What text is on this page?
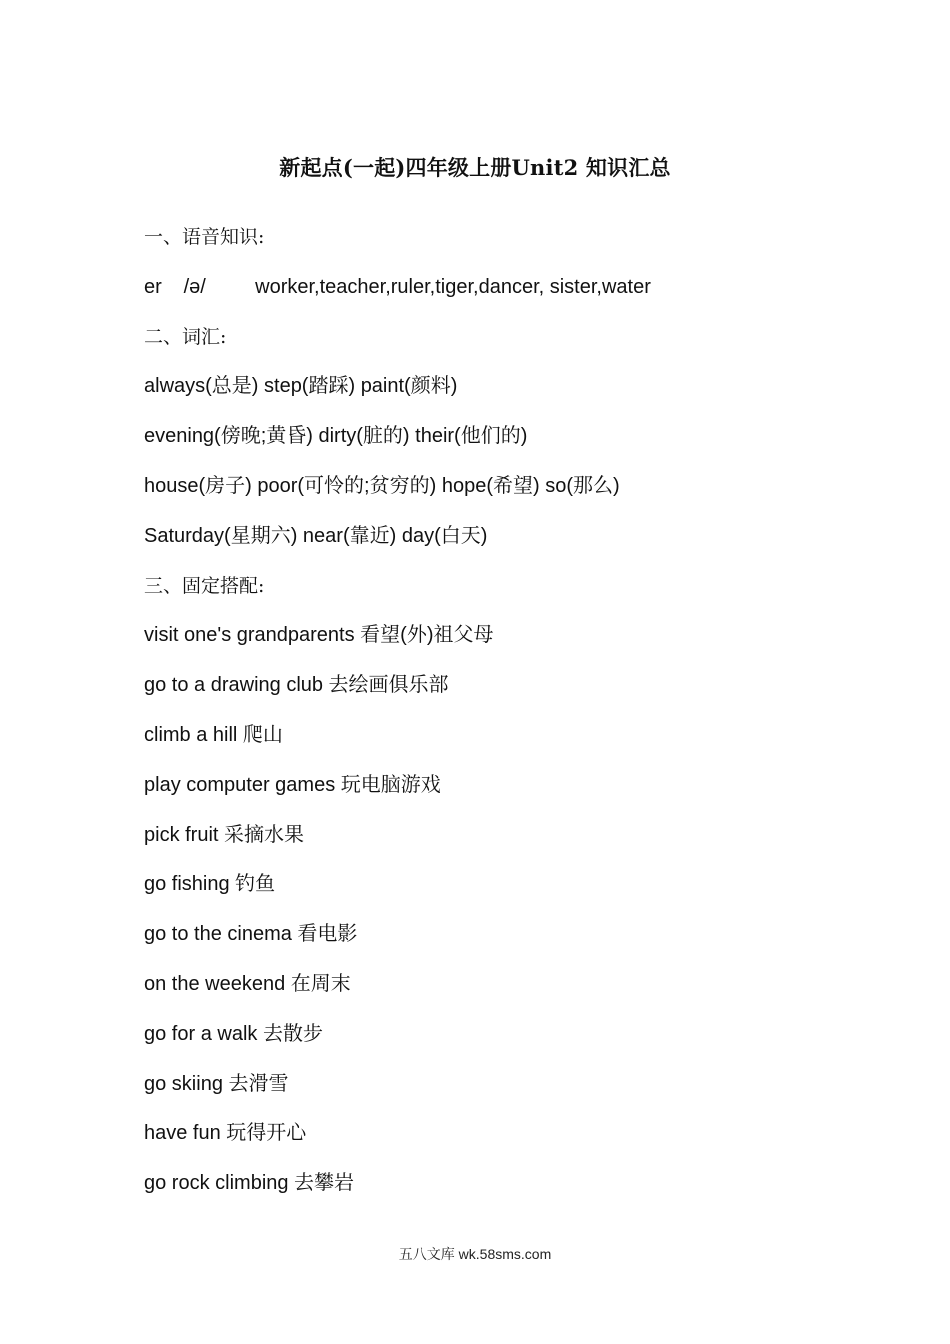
新起点(一起)四年级上册Unit2 知识汇总
一、语音知识:
er /ə/ worker,teacher,ruler,tiger,dancer, sister,water
二、词汇:
always(总是) step(踏踩) paint(颜料)
evening(傍晚;黄昏) dirty(脏的) their(他们的)
house(房子) poor(可怜的;贫穷的) hope(希望) so(那么)
Saturday(星期六) near(靠近) day(白天)
三、固定搭配:
visit one's grandparents 看望(外)祖父母
go to a drawing club 去绘画俱乐部
climb a hill 爬山
play computer games 玩电脑游戏
pick fruit 采摘水果
go fishing 钓鱼
go to the cinema 看电影
on the weekend 在周末
go for a walk 去散步
go skiing 去滑雪
have fun 玩得开心
go rock climbing 去攀岩
五八文库 wk.58sms.com
